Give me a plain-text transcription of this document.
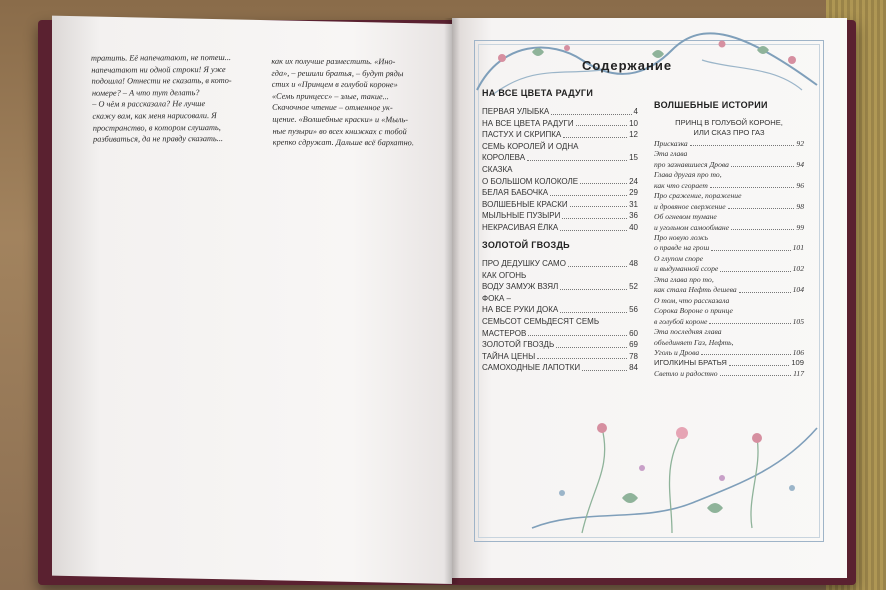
тратить. Её напечатают, не потеш...

напечатают ни одной строки! Я уже

подошла! Отнести не сказать, в кото-

номере? – А что тут делать?

– О чём я рассказала? Не лучше

скажу вам, как меня нарисовали. Я

пространство, в котором слушать,

разбиваться, да не правду сказать...

как их получше разместить. «Ино-

гда», – решили братья, – будут ряды

стих и «Принцем в голубой короне»

«Семь принцесс» – злые, такие...

Скачочное чтение – отменное ук-

щение. «Волшебные краски» и «Мыль-

ные пузыри» во всех книжках с тобой

крепко сдружат. Дальше всё бархатно.

Содержание
НА ВСЕ ЦВЕТА РАДУГИ
ПЕРВАЯ УЛЫБКА	4
НА ВСЕ ЦВЕТА РАДУГИ	10
ПАСТУХ И СКРИПКА	12
СЕМЬ КОРОЛЕЙ И ОДНА
КОРОЛЕВА	15
СКАЗКА
О БОЛЬШОМ КОЛОКОЛЕ	24
БЕЛАЯ БАБОЧКА	29
ВОЛШЕБНЫЕ КРАСКИ	31
МЫЛЬНЫЕ ПУЗЫРИ	36
НЕКРАСИВАЯ ЁЛКА	40
ЗОЛОТОЙ ГВОЗДЬ
ПРО ДЕДУШКУ САМО	48
КАК ОГОНЬ
ВОДУ ЗАМУЖ ВЗЯЛ	52
ФОКА –
НА ВСЕ РУКИ ДОКА	56
СЕМЬСОТ СЕМЬДЕСЯТ СЕМЬ
МАСТЕРОВ	60
ЗОЛОТОЙ ГВОЗДЬ	69
ТАЙНА ЦЕНЫ	78
САМОХОДНЫЕ ЛАПОТКИ	84
ВОЛШЕБНЫЕ ИСТОРИИ
ПРИНЦ В ГОЛУБОЙ КОРОНЕ,
ИЛИ СКАЗ ПРО ГАЗ
Присказка	92
Эта глава
про зазнавшиеся Дрова	94
Глава другая про то,
как что сгорает	96
Про сражение, поражение
и дровяное свержение	98
Об огневом тумане
и угольном самообмане	99
Про новую ложь
о правде на грош	101
О глупом споре
и выдуманной ссоре	102
Эта глава про то,
как стала Нефть дешева	104
О том, что рассказала
Сорока Вороне о принце
в голубой короне	105
Эта последняя глава
объединяет Газ, Нефть,
Уголь и Дрова	106
ИГОЛКИНЫ БРАТЬЯ	109
Светло и радостно	117
